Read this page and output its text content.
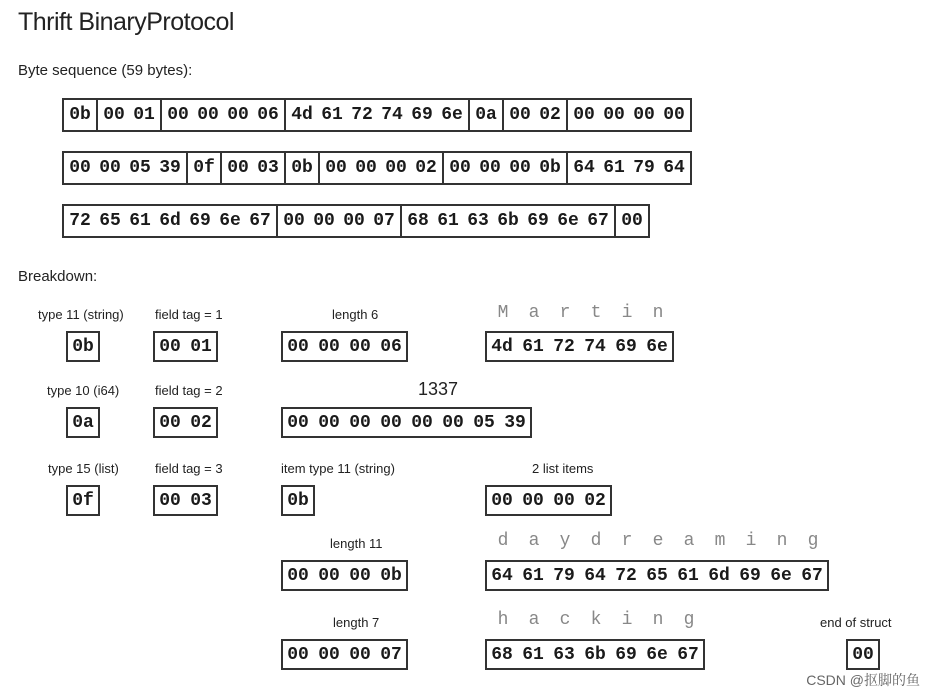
Thrift BinaryProtocol
Byte sequence (59 bytes):
0b 00 01 00 00 00 06 4d 61 72 74 69 6e 0a 00 02 00 00 00 00
00 00 05 39 0f 00 03 0b 00 00 00 02 00 00 00 0b 64 61 79 64
72 65 61 6d 69 6e 67 00 00 00 07 68 61 63 6b 69 6e 67 00
Breakdown:
type 11 (string)
0b
field tag = 1
00 01
length 6
00 00 00 06
M	a	r	t	i	n
4d 61 72 74 69 6e
type 10 (i64)
0a
field tag = 2
00 02
1337
00 00 00 00 00 00 05 39
type 15 (list)
0f
field tag = 3
00 03
item type 11 (string)
0b
2 list items
00 00 00 02
length 11
00 00 00 0b
d	a	y	d	r	e	a	m	i	n	g
64 61 79 64 72 65 61 6d 69 6e 67
length 7
00 00 00 07
h	a	c	k	i	n	g
68 61 63 6b 69 6e 67
end of struct
00
CSDN @抠脚的鱼
